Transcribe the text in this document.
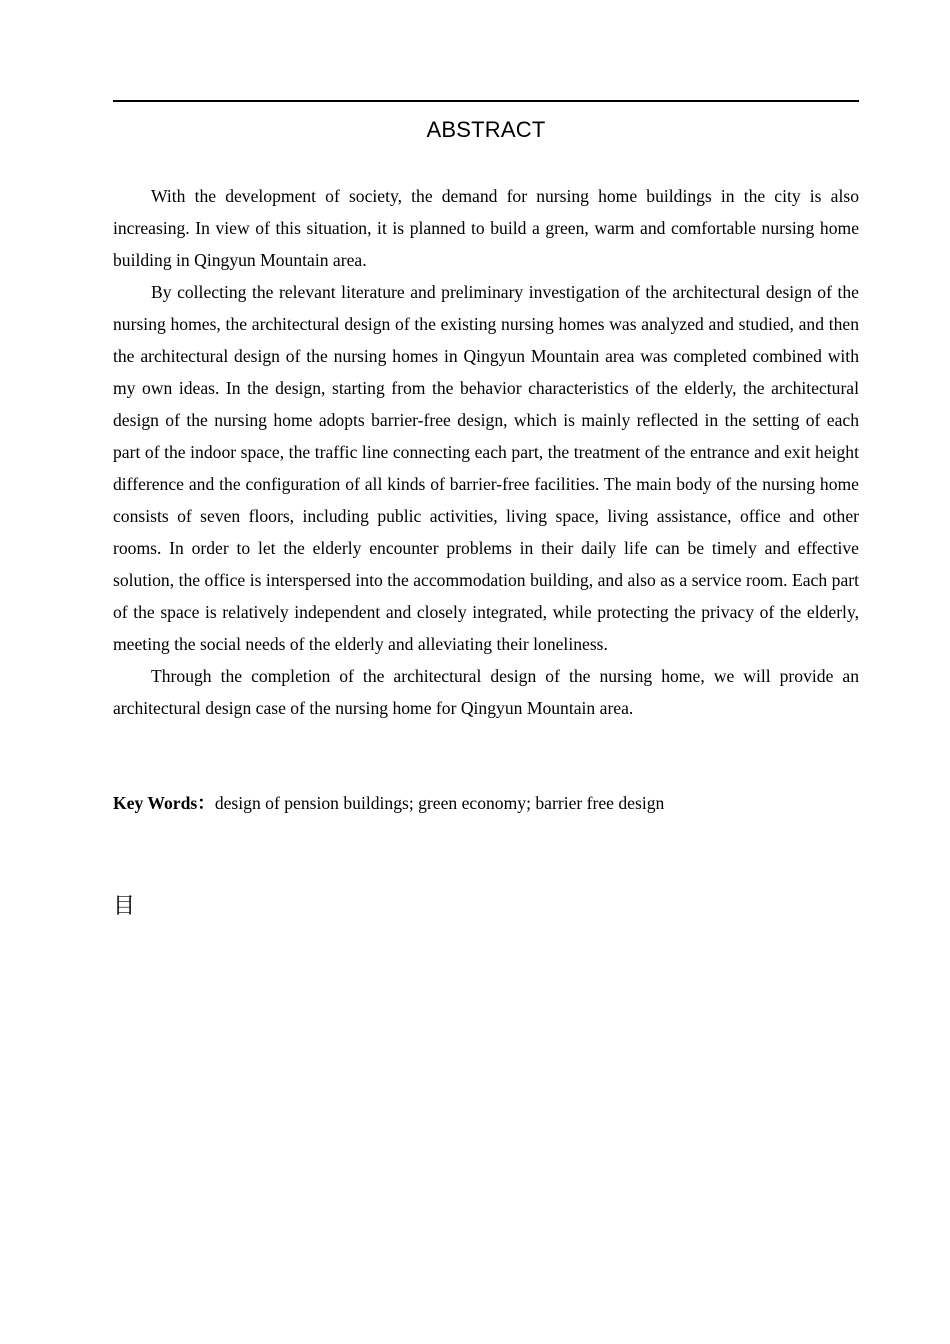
ABSTRACT

With the development of society, the demand for nursing home buildings in the city is also increasing. In view of this situation, it is planned to build a green, warm and comfortable nursing home building in Qingyun Mountain area.

By collecting the relevant literature and preliminary investigation of the architectural design of the nursing homes, the architectural design of the existing nursing homes was analyzed and studied, and then the architectural design of the nursing homes in Qingyun Mountain area was completed combined with my own ideas. In the design, starting from the behavior characteristics of the elderly, the architectural design of the nursing home adopts barrier-free design, which is mainly reflected in the setting of each part of the indoor space, the traffic line connecting each part, the treatment of the entrance and exit height difference and the configuration of all kinds of barrier-free facilities. The main body of the nursing home consists of seven floors, including public activities, living space, living assistance, office and other rooms. In order to let the elderly encounter problems in their daily life can be timely and effective solution, the office is interspersed into the accommodation building, and also as a service room. Each part of the space is relatively independent and closely integrated, while protecting the privacy of the elderly, meeting the social needs of the elderly and alleviating their loneliness.

Through the completion of the architectural design of the nursing home, we will provide an architectural design case of the nursing home for Qingyun Mountain area.

Key Words：design of pension buildings; green economy; barrier free design
目
